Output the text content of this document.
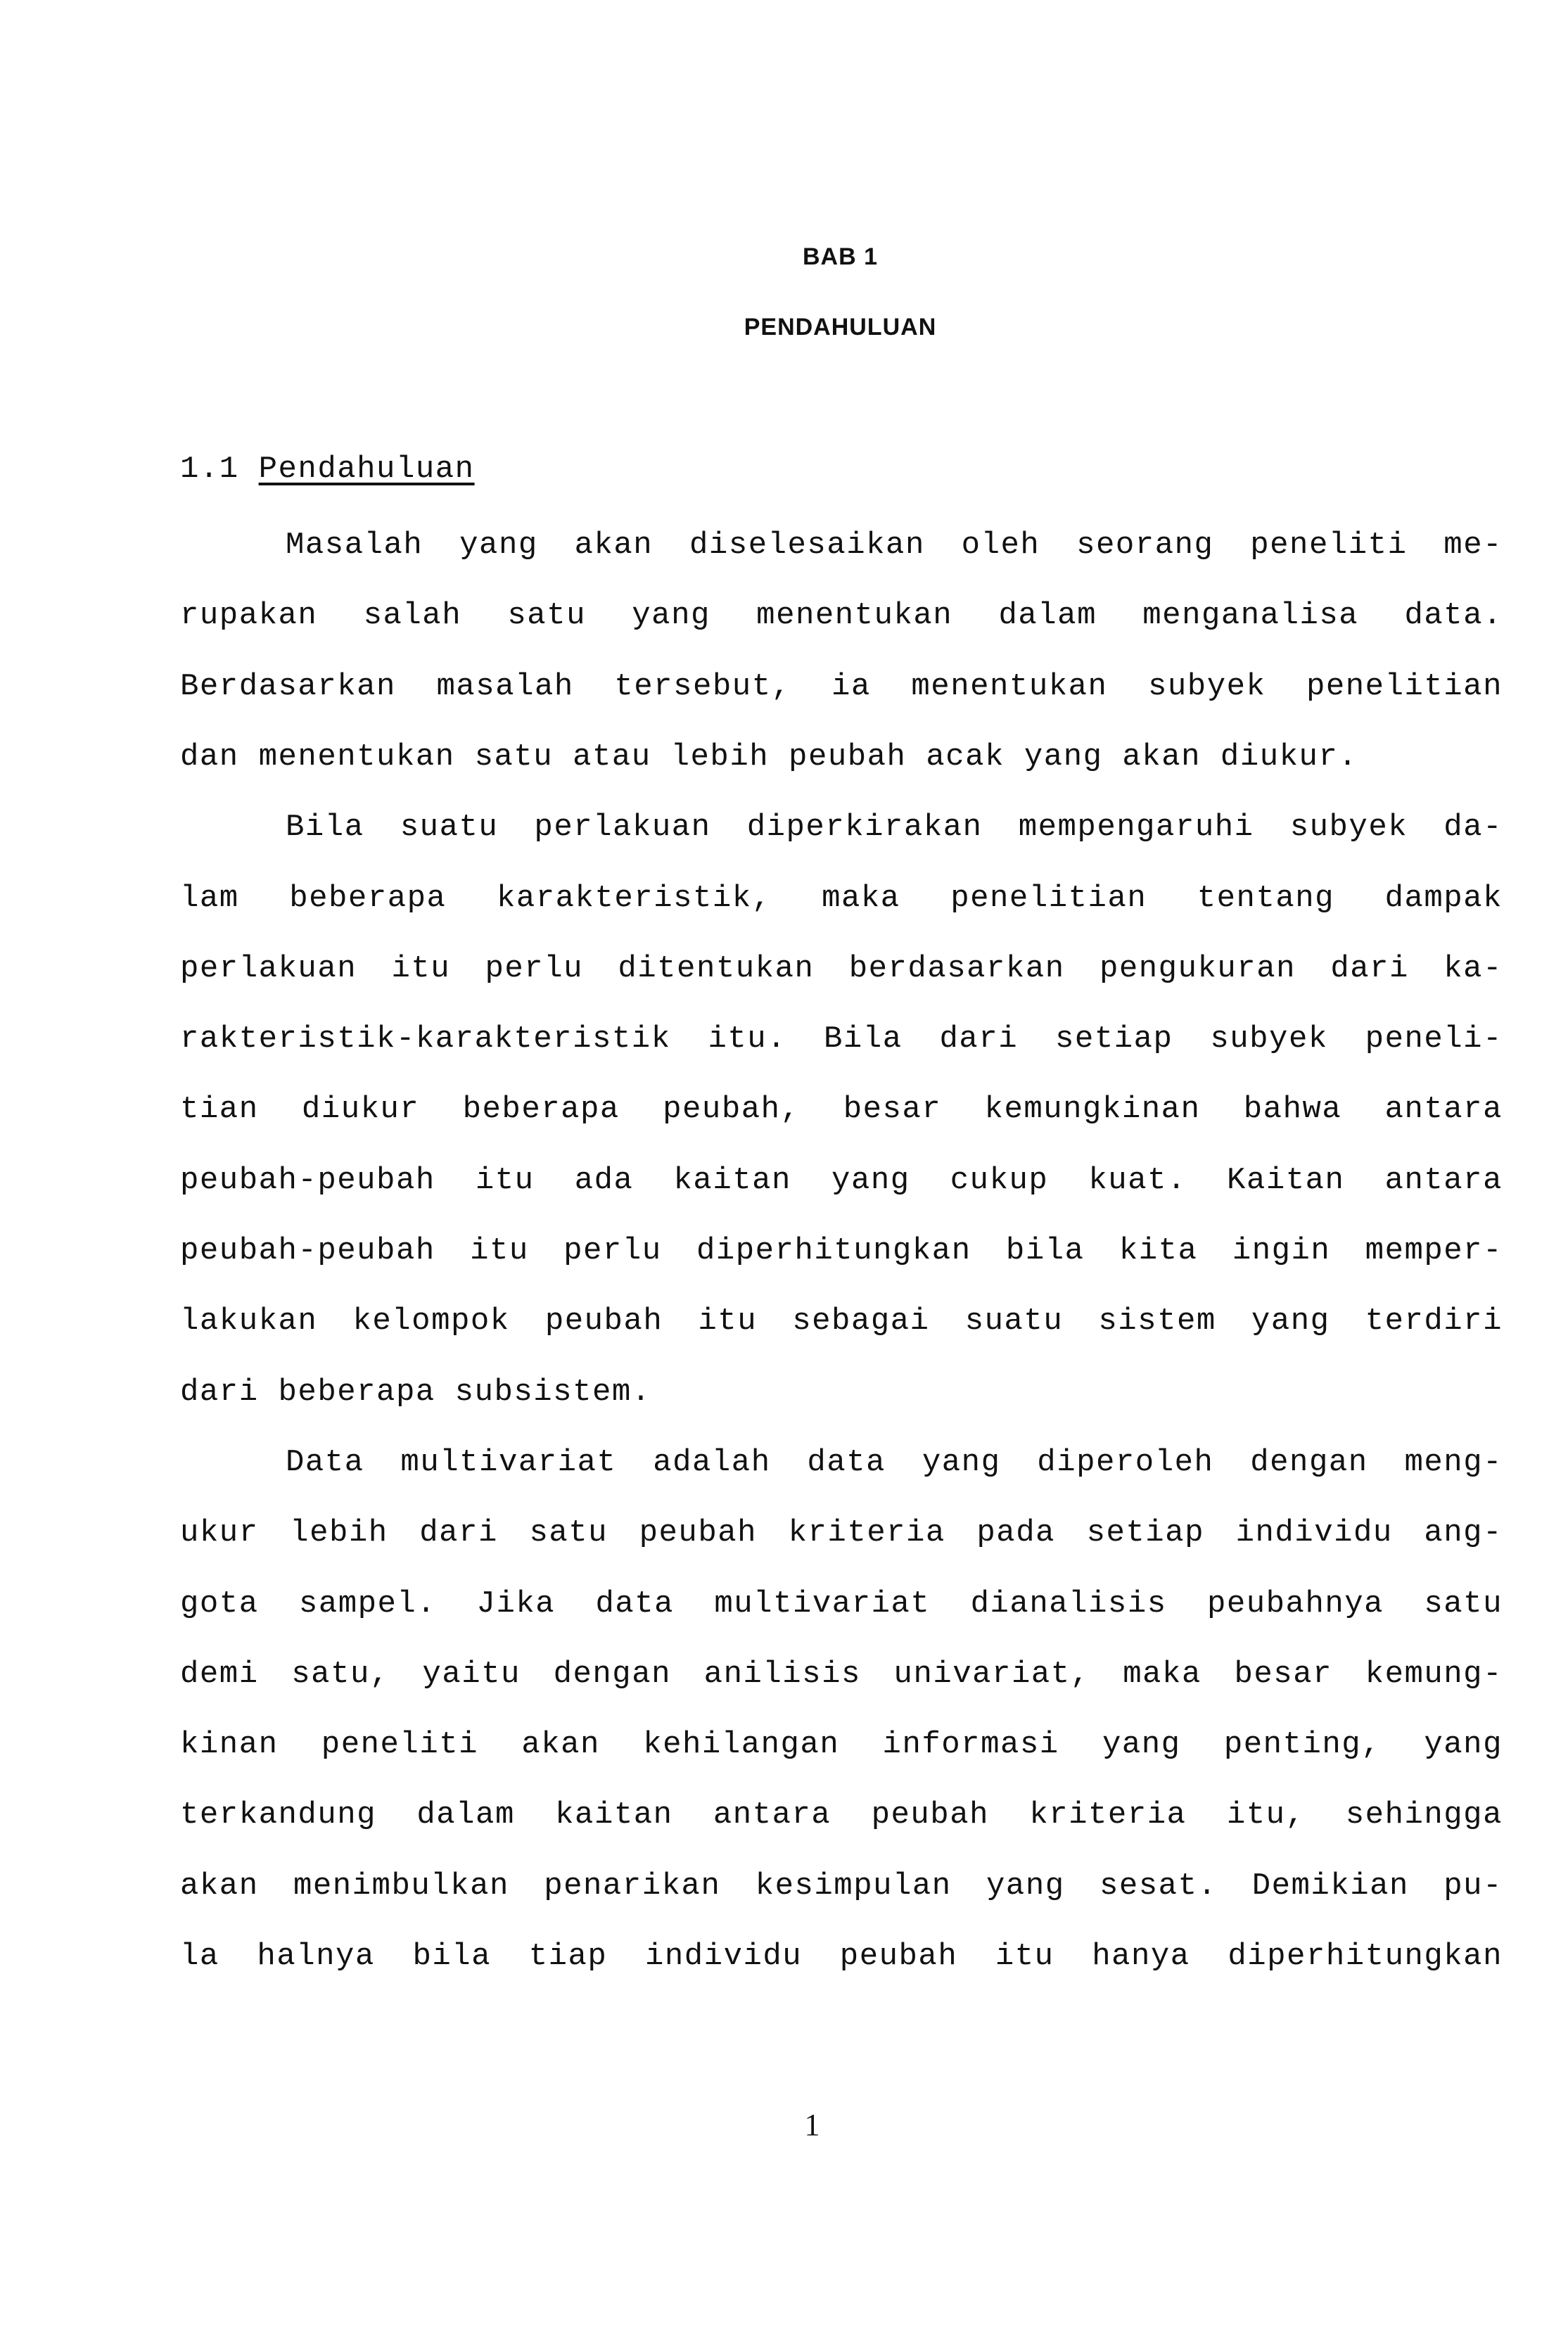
BAB 1
PENDAHULUAN
1.1 Pendahuluan
Masalah yang akan diselesaikan oleh seorang peneliti me-
rupakan salah satu yang menentukan dalam menganalisa data.
Berdasarkan masalah tersebut, ia menentukan subyek penelitian
dan menentukan satu atau lebih peubah acak yang akan diukur.
Bila suatu perlakuan diperkirakan mempengaruhi subyek da-
lam beberapa karakteristik, maka penelitian tentang dampak
perlakuan itu perlu ditentukan berdasarkan pengukuran dari ka-
rakteristik-karakteristik itu. Bila dari setiap subyek peneli-
tian diukur beberapa peubah, besar kemungkinan bahwa antara
peubah-peubah itu ada kaitan yang cukup kuat. Kaitan antara
peubah-peubah itu perlu diperhitungkan bila kita ingin memper-
lakukan kelompok peubah itu sebagai suatu sistem yang terdiri
dari beberapa subsistem.
Data multivariat adalah data yang diperoleh dengan meng-
ukur lebih dari satu peubah kriteria pada setiap individu ang-
gota sampel. Jika data multivariat dianalisis peubahnya satu
demi satu, yaitu dengan anilisis univariat, maka besar kemung-
kinan peneliti akan kehilangan informasi yang penting, yang
terkandung dalam kaitan antara peubah kriteria itu, sehingga
akan menimbulkan penarikan kesimpulan yang sesat. Demikian pu-
la halnya bila tiap individu peubah itu hanya diperhitungkan
1
